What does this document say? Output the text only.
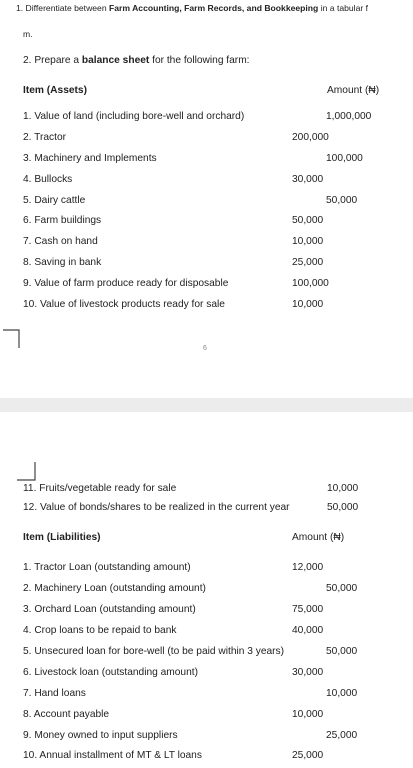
1. Differentiate between Farm Accounting, Farm Records, and Bookkeeping in a tabular f
m.
2. Prepare a balance sheet for the following farm:
Item (Assets)	Amount (₦)
1. Value of land (including bore-well and orchard)	1,000,000
2. Tractor	200,000
3. Machinery and Implements	100,000
4. Bullocks	30,000
5. Dairy cattle	50,000
6. Farm buildings	50,000
7. Cash on hand	10,000
8. Saving in bank	25,000
9. Value of farm produce ready for disposable	100,000
10. Value of livestock products ready for sale	10,000
6
11. Fruits/vegetable ready for sale	10,000
12. Value of bonds/shares to be realized in the current year	50,000
Item (Liabilities)	Amount (₦)
1. Tractor Loan (outstanding amount)	12,000
2. Machinery Loan (outstanding amount)	50,000
3. Orchard Loan (outstanding amount)	75,000
4. Crop loans to be repaid to bank	40,000
5. Unsecured loan for bore-well (to be paid within 3 years)	50,000
6. Livestock loan (outstanding amount)	30,000
7. Hand loans	10,000
8. Account payable	10,000
9. Money owned to input suppliers	25,000
10. Annual installment of MT & LT loans	25,000
